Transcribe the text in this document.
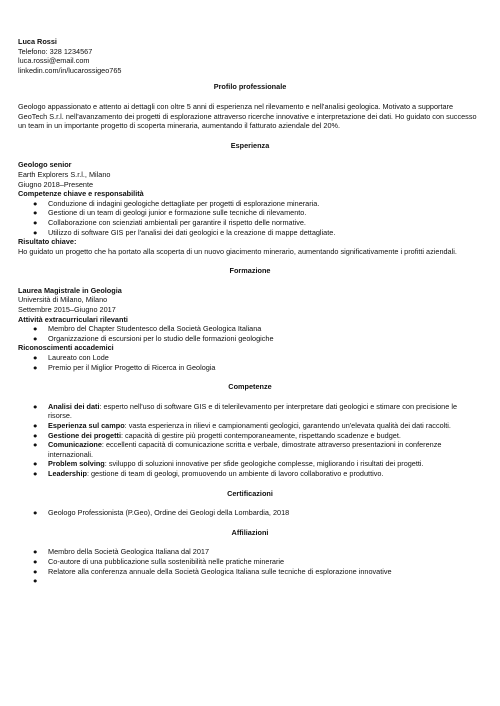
Luca Rossi
Telefono: 328 1234567
luca.rossi@email.com
linkedin.com/in/lucarossigeo765
Profilo professionale

Geologo appassionato e attento ai dettagli con oltre 5 anni di esperienza nel rilevamento e nell'analisi geologica. Motivato a supportare GeoTech S.r.l. nell'avanzamento dei progetti di esplorazione attraverso ricerche innovative e interpretazione dei dati. Ho guidato con successo un team in un importante progetto di scoperta mineraria, aumentando il fatturato aziendale del 20%.

Esperienza
Geologo senior
Earth Explorers S.r.l., Milano
Giugno 2018–Presente
Competenze chiave e responsabilità
● Conduzione di indagini geologiche dettagliate per progetti di esplorazione mineraria.
● Gestione di un team di geologi junior e formazione sulle tecniche di rilevamento.
● Collaborazione con scienziati ambientali per garantire il rispetto delle normative.
● Utilizzo di software GIS per l'analisi dei dati geologici e la creazione di mappe dettagliate.
Risultato chiave:
Ho guidato un progetto che ha portato alla scoperta di un nuovo giacimento minerario, aumentando significativamente i profitti aziendali.
Formazione
Laurea Magistrale in Geologia
Università di Milano, Milano
Settembre 2015–Giugno 2017
Attività extracurriculari rilevanti
● Membro del Chapter Studentesco della Società Geologica Italiana
● Organizzazione di escursioni per lo studio delle formazioni geologiche
Riconoscimenti accademici
● Laureato con Lode
● Premio per il Miglior Progetto di Ricerca in Geologia
Competenze
● Analisi dei dati: esperto nell'uso di software GIS e di telerilevamento per interpretare dati geologici e stimare con precisione le risorse.
● Esperienza sul campo: vasta esperienza in rilievi e campionamenti geologici, garantendo un'elevata qualità dei dati raccolti.
● Gestione dei progetti: capacità di gestire più progetti contemporaneamente, rispettando scadenze e budget.
● Comunicazione: eccellenti capacità di comunicazione scritta e verbale, dimostrate attraverso presentazioni in conferenze internazionali.
● Problem solving: sviluppo di soluzioni innovative per sfide geologiche complesse, migliorando i risultati dei progetti.
● Leadership: gestione di team di geologi, promuovendo un ambiente di lavoro collaborativo e produttivo.
Certificazioni
● Geologo Professionista (P.Geo), Ordine dei Geologi della Lombardia, 2018
Affiliazioni
● Membro della Società Geologica Italiana dal 2017
● Co-autore di una pubblicazione sulla sostenibilità nelle pratiche minerarie
● Relatore alla conferenza annuale della Società Geologica Italiana sulle tecniche di esplorazione innovative
●
